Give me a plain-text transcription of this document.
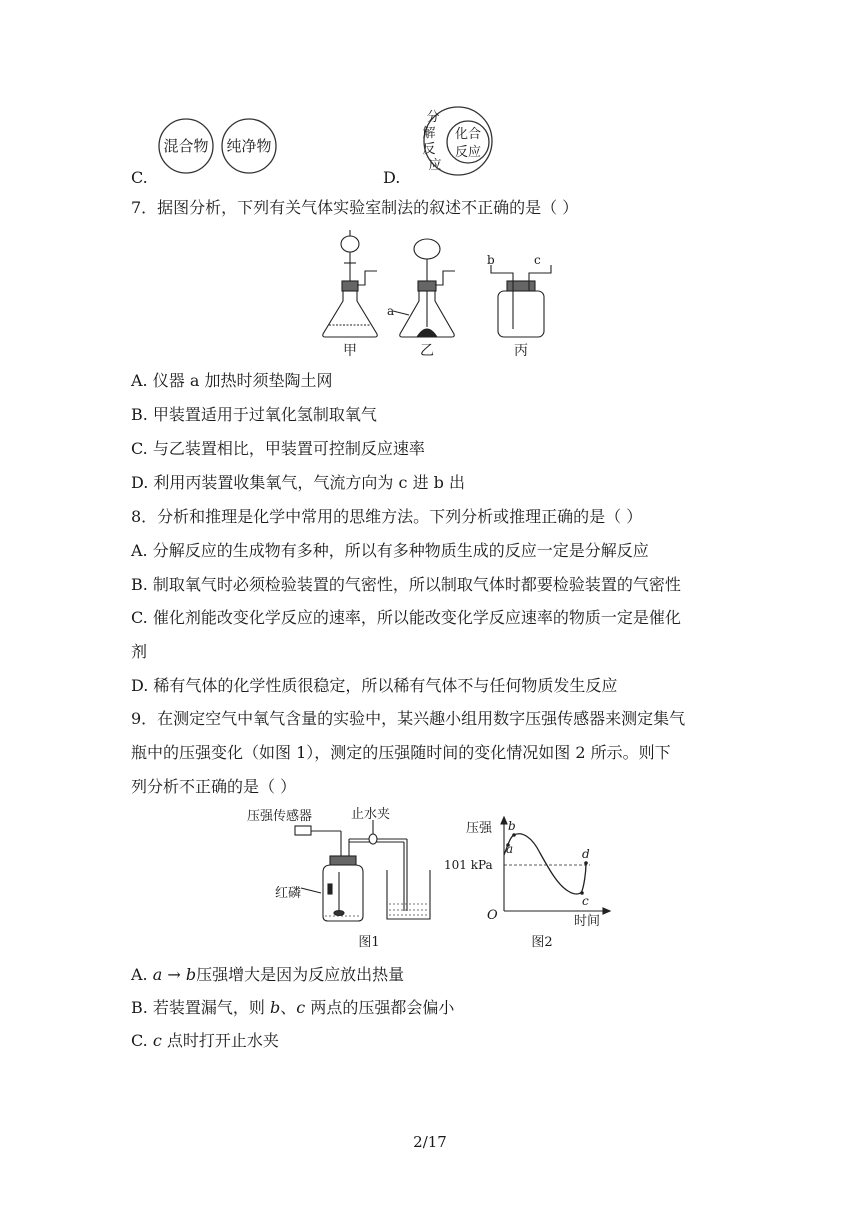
混合物 纯净物
C.
分
解
反
应
化合
反应
D.
7．据图分析，下列有关气体实验室制法的叙述不正确的是（ ）
a
b	c
甲	乙	丙
A. 仪器 a 加热时须垫陶土网
B. 甲装置适用于过氧化氢制取氧气
C. 与乙装置相比，甲装置可控制反应速率
D. 利用丙装置收集氧气，气流方向为 c 进 b 出
8．分析和推理是化学中常用的思维方法。下列分析或推理正确的是（ ）
A. 分解反应的生成物有多种，所以有多种物质生成的反应一定是分解反应
B. 制取氧气时必须检验装置的气密性，所以制取气体时都要检验装置的气密性
C. 催化剂能改变化学反应的速率，所以能改变化学反应速率的物质一定是催化
剂
D. 稀有气体的化学性质很稳定，所以稀有气体不与任何物质发生反应
9．在测定空气中氧气含量的实验中，某兴趣小组用数字压强传感器来测定集气
瓶中的压强变化（如图 1），测定的压强随时间的变化情况如图 2 所示。则下
列分析不正确的是（ ）
压强传感器	止水夹
红磷
图1
压强
时间
O
101 kPa
a
b
c
d
图2
A. a → b压强增大是因为反应放出热量
B. 若装置漏气，则 b、c 两点的压强都会偏小
C. c 点时打开止水夹
2/17
